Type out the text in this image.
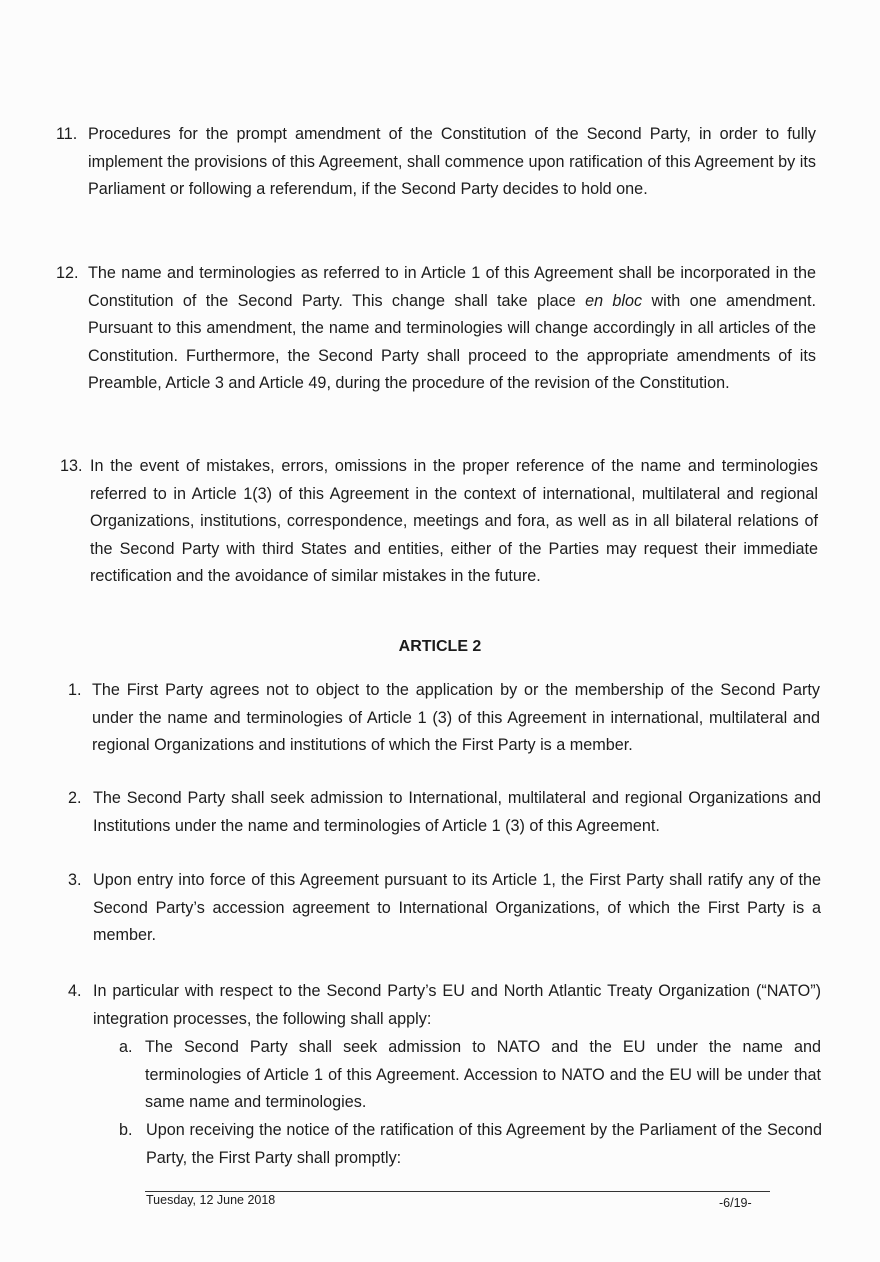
11. Procedures for the prompt amendment of the Constitution of the Second Party, in order to fully implement the provisions of this Agreement, shall commence upon ratification of this Agreement by its Parliament or following a referendum, if the Second Party decides to hold one.
12. The name and terminologies as referred to in Article 1 of this Agreement shall be incorporated in the Constitution of the Second Party. This change shall take place en bloc with one amendment. Pursuant to this amendment, the name and terminologies will change accordingly in all articles of the Constitution. Furthermore, the Second Party shall proceed to the appropriate amendments of its Preamble, Article 3 and Article 49, during the procedure of the revision of the Constitution.
13. In the event of mistakes, errors, omissions in the proper reference of the name and terminologies referred to in Article 1(3) of this Agreement in the context of international, multilateral and regional Organizations, institutions, correspondence, meetings and fora, as well as in all bilateral relations of the Second Party with third States and entities, either of the Parties may request their immediate rectification and the avoidance of similar mistakes in the future.
ARTICLE 2
1. The First Party agrees not to object to the application by or the membership of the Second Party under the name and terminologies of Article 1 (3) of this Agreement in international, multilateral and regional Organizations and institutions of which the First Party is a member.
2. The Second Party shall seek admission to International, multilateral and regional Organizations and Institutions under the name and terminologies of Article 1 (3) of this Agreement.
3. Upon entry into force of this Agreement pursuant to its Article 1, the First Party shall ratify any of the Second Party’s accession agreement to International Organizations, of which the First Party is a member.
4. In particular with respect to the Second Party’s EU and North Atlantic Treaty Organization (“NATO”) integration processes, the following shall apply:
a. The Second Party shall seek admission to NATO and the EU under the name and terminologies of Article 1 of this Agreement. Accession to NATO and the EU will be under that same name and terminologies.
b. Upon receiving the notice of the ratification of this Agreement by the Parliament of the Second Party, the First Party shall promptly:
Tuesday, 12 June 2018	-6/19-
